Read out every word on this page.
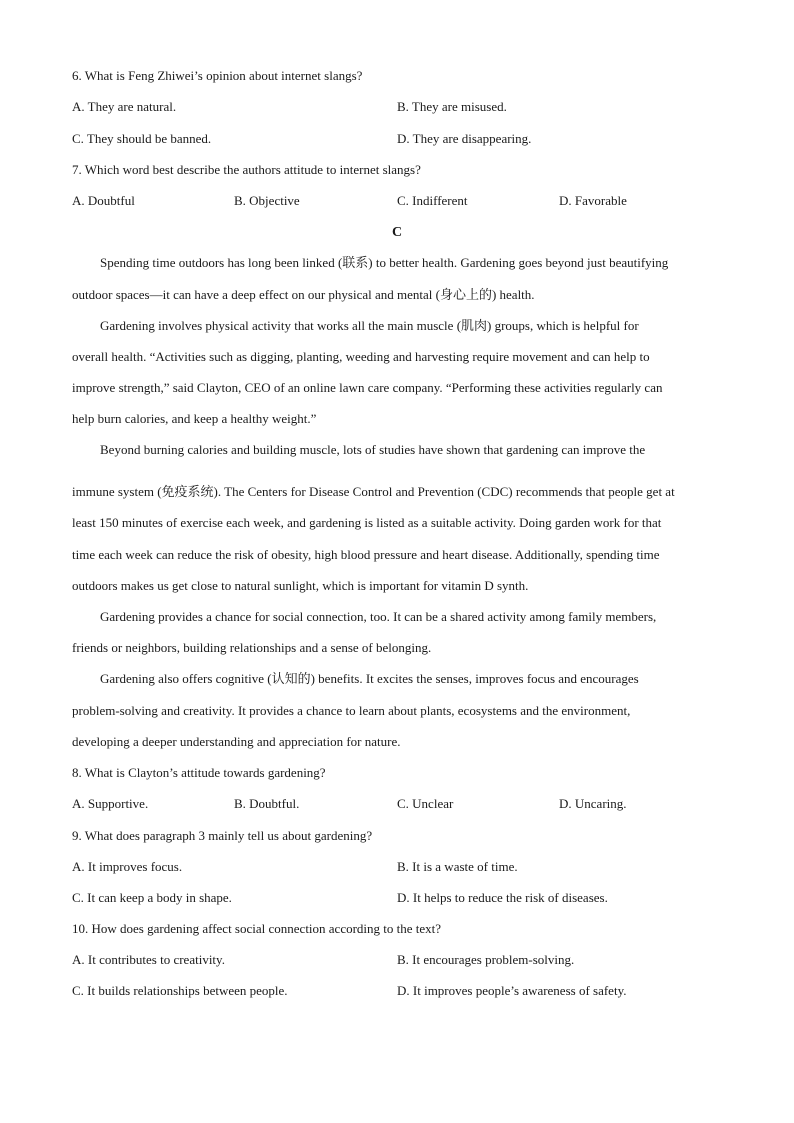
6. What is Feng Zhiwei’s opinion about internet slangs?
A. They are natural.	B. They are misused.
C. They should be banned.	D. They are disappearing.
7. Which word best describe the authors attitude to internet slangs?
A. Doubtful	B. Objective	C. Indifferent	D. Favorable
C
Spending time outdoors has long been linked (联系) to better health. Gardening goes beyond just beautifying
outdoor spaces—it can have a deep effect on our physical and mental (身心上的) health.
Gardening involves physical activity that works all the main muscle (肌肉) groups, which is helpful for
overall health. “Activities such as digging, planting, weeding and harvesting require movement and can help to
improve strength,” said Clayton, CEO of an online lawn care company. “Performing these activities regularly can
help burn calories, and keep a healthy weight.”
Beyond burning calories and building muscle, lots of studies have shown that gardening can improve the
immune system (免疫系统). The Centers for Disease Control and Prevention (CDC) recommends that people get at
least 150 minutes of exercise each week, and gardening is listed as a suitable activity. Doing garden work for that
time each week can reduce the risk of obesity, high blood pressure and heart disease. Additionally, spending time
outdoors makes us get close to natural sunlight, which is important for vitamin D synth.
Gardening provides a chance for social connection, too. It can be a shared activity among family members,
friends or neighbors, building relationships and a sense of belonging.
Gardening also offers cognitive (认知的) benefits. It excites the senses, improves focus and encourages
problem-solving and creativity. It provides a chance to learn about plants, ecosystems and the environment,
developing a deeper understanding and appreciation for nature.
8. What is Clayton’s attitude towards gardening?
A. Supportive.	B. Doubtful.	C. Unclear	D. Uncaring.
9. What does paragraph 3 mainly tell us about gardening?
A. It improves focus.	B. It is a waste of time.
C. It can keep a body in shape.	D. It helps to reduce the risk of diseases.
10. How does gardening affect social connection according to the text?
A. It contributes to creativity.	B. It encourages problem-solving.
C. It builds relationships between people.	D. It improves people’s awareness of safety.
